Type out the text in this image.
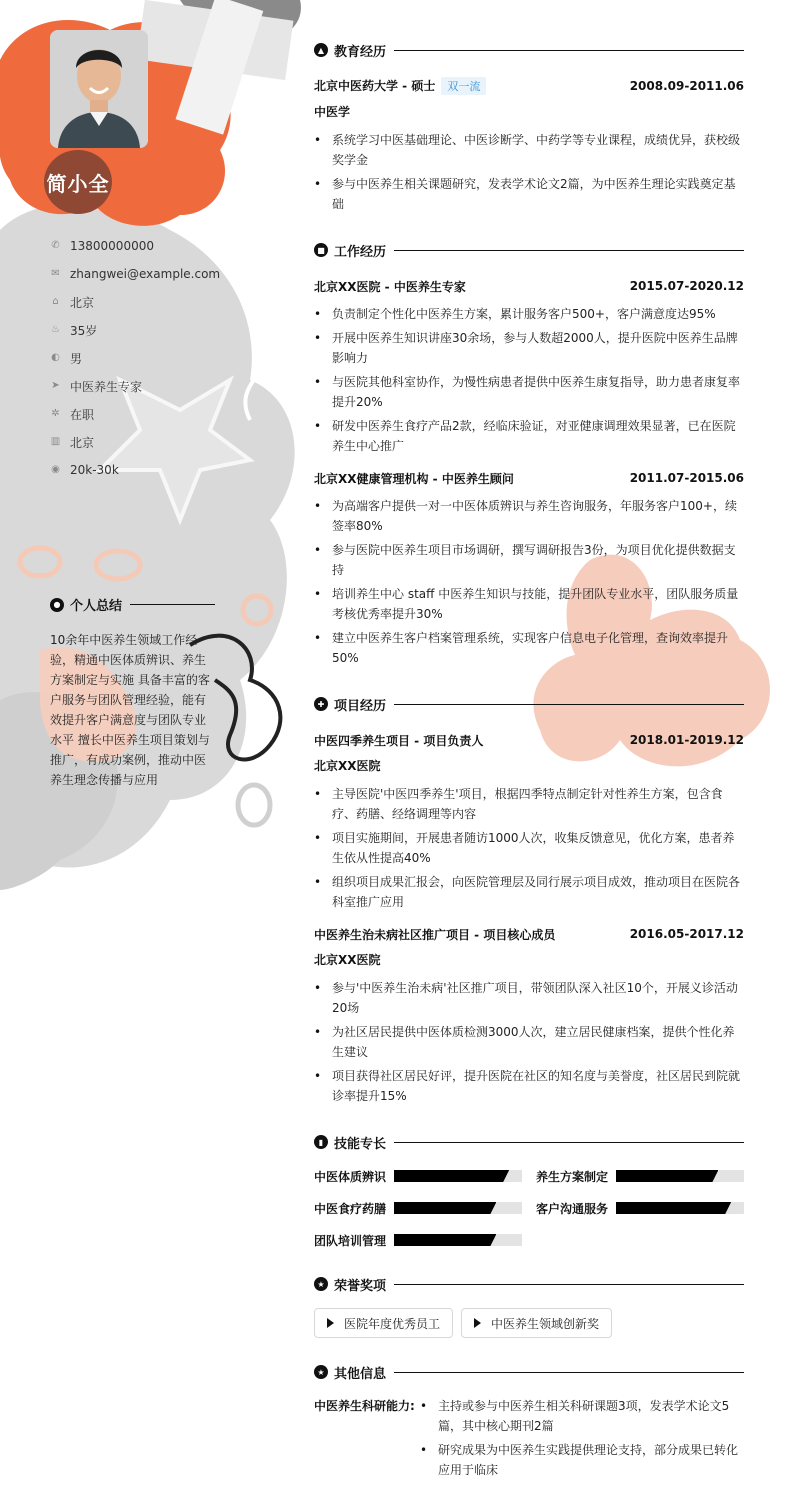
简小全
✆ 13800000000
✉ zhangwei@example.com
⌂ 北京
♨ 35岁
◐ 男
➤ 中医养生专家
✲ 在职
▥ 北京
◉ 20k-30k
● 个人总结
10余年中医养生领域工作经验，精通中医体质辨识、养生方案制定与实施 具备丰富的客户服务与团队管理经验，能有效提升客户满意度与团队专业水平 擅长中医养生项目策划与推广，有成功案例，推动中医养生理念传播与应用
▲ 教育经历
北京中医药大学 - 硕士 双一流	2008.09-2011.06
中医学
• 系统学习中医基础理论、中医诊断学、中药学等专业课程，成绩优异，获校级奖学金
• 参与中医养生相关课题研究，发表学术论文2篇，为中医养生理论实践奠定基础
■ 工作经历
北京XX医院 - 中医养生专家	2015.07-2020.12
• 负责制定个性化中医养生方案，累计服务客户500+，客户满意度达95%
• 开展中医养生知识讲座30余场，参与人数超2000人，提升医院中医养生品牌影响力
• 与医院其他科室协作，为慢性病患者提供中医养生康复指导，助力患者康复率提升20%
• 研发中医养生食疗产品2款，经临床验证，对亚健康调理效果显著，已在医院养生中心推广
北京XX健康管理机构 - 中医养生顾问	2011.07-2015.06
• 为高端客户提供一对一中医体质辨识与养生咨询服务，年服务客户100+，续签率80%
• 参与医院中医养生项目市场调研，撰写调研报告3份，为项目优化提供数据支持
• 培训养生中心 staff 中医养生知识与技能，提升团队专业水平，团队服务质量考核优秀率提升30%
• 建立中医养生客户档案管理系统，实现客户信息电子化管理，查询效率提升50%
✚ 项目经历
中医四季养生项目 - 项目负责人	2018.01-2019.12
北京XX医院
• 主导医院'中医四季养生'项目，根据四季特点制定针对性养生方案，包含食疗、药膳、经络调理等内容
• 项目实施期间，开展患者随访1000人次，收集反馈意见，优化方案，患者养生依从性提高40%
• 组织项目成果汇报会，向医院管理层及同行展示项目成效，推动项目在医院各科室推广应用
中医养生治未病社区推广项目 - 项目核心成员	2016.05-2017.12
北京XX医院
• 参与'中医养生治未病'社区推广项目，带领团队深入社区10个，开展义诊活动20场
• 为社区居民提供中医体质检测3000人次，建立居民健康档案，提供个性化养生建议
• 项目获得社区居民好评，提升医院在社区的知名度与美誉度，社区居民到院就诊率提升15%
▮ 技能专长
中医体质辨识	养生方案制定
中医食疗药膳	客户沟通服务
团队培训管理
★ 荣誉奖项
医院年度优秀员工	中医养生领域创新奖
★ 其他信息
中医养生科研能力:
•	主持或参与中医养生相关科研课题3项，发表学术论文5篇，其中核心期刊2篇
• 研究成果为中医养生实践提供理论支持，部分成果已转化应用于临床
